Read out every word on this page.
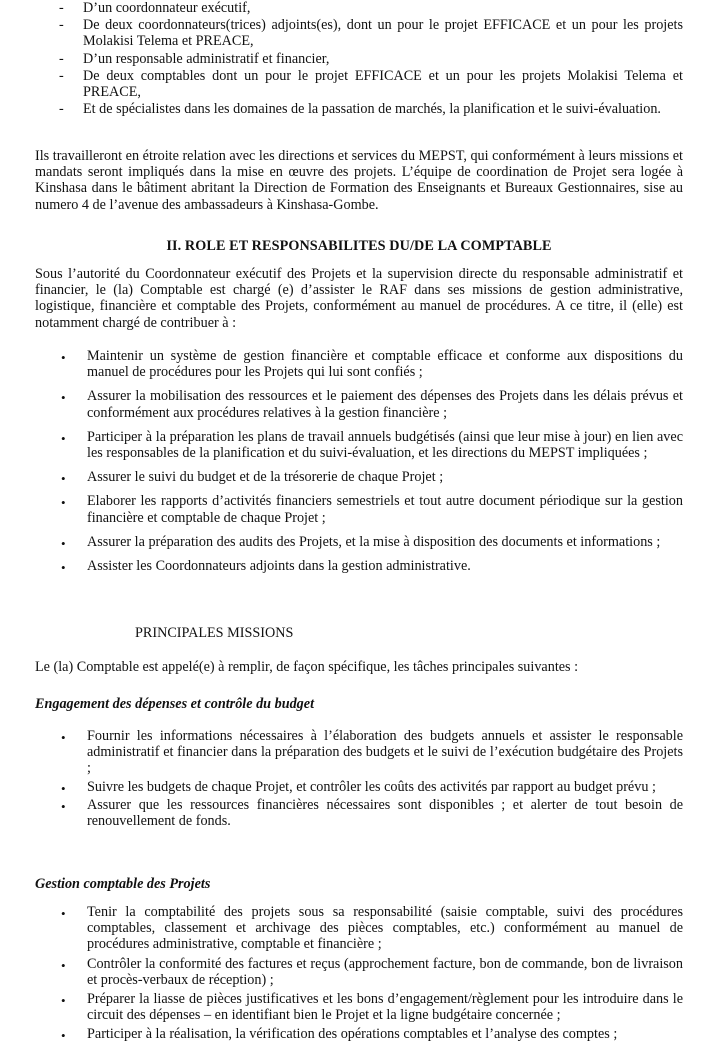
- D’un coordonnateur exécutif,
- De deux coordonnateurs(trices) adjoints(es), dont un pour le projet EFFICACE et un pour les projets Molakisi Telema et PREACE,
- D’un responsable administratif et financier,
- De deux comptables dont un pour le projet EFFICACE et un pour les projets Molakisi Telema et PREACE,
- Et de spécialistes dans les domaines de la passation de marchés, la planification et le suivi-évaluation.

Ils travailleront en étroite relation avec les directions et services du MEPST, qui conformément à leurs missions et mandats seront impliqués dans la mise en œuvre des projets. L’équipe de coordination de Projet sera logée à Kinshasa dans le bâtiment abritant la Direction de Formation des Enseignants et Bureaux Gestionnaires, sise au numero 4 de l’avenue des ambassadeurs à Kinshasa-Gombe.

II. ROLE ET RESPONSABILITES DU/DE LA COMPTABLE

Sous l’autorité du Coordonnateur exécutif des Projets et la supervision directe du responsable administratif et financier, le (la) Comptable est chargé (e) d’assister le RAF dans ses missions de gestion administrative, logistique, financière et comptable des Projets, conformément au manuel de procédures. A ce titre, il (elle) est notamment chargé de contribuer à :

• Maintenir un système de gestion financière et comptable efficace et conforme aux dispositions du manuel de procédures pour les Projets qui lui sont confiés ;
• Assurer la mobilisation des ressources et le paiement des dépenses des Projets dans les délais prévus et conformément aux procédures relatives à la gestion financière ;
• Participer à la préparation les plans de travail annuels budgétisés (ainsi que leur mise à jour) en lien avec les responsables de la planification et du suivi-évaluation, et les directions du MEPST impliquées ;
• Assurer le suivi du budget et de la trésorerie de chaque Projet ;
• Elaborer les rapports d’activités financiers semestriels et tout autre document périodique sur la gestion financière et comptable de chaque Projet ;
• Assurer la préparation des audits des Projets, et la mise à disposition des documents et informations ;
• Assister les Coordonnateurs adjoints dans la gestion administrative.

PRINCIPALES MISSIONS

Le (la) Comptable est appelé(e) à remplir, de façon spécifique, les tâches principales suivantes :

Engagement des dépenses et contrôle du budget

• Fournir les informations nécessaires à l’élaboration des budgets annuels et assister le responsable administratif et financier dans la préparation des budgets et le suivi de l’exécution budgétaire des Projets ;
• Suivre les budgets de chaque Projet, et contrôler les coûts des activités par rapport au budget prévu ;
• Assurer que les ressources financières nécessaires sont disponibles ; et alerter de tout besoin de renouvellement de fonds.

Gestion comptable des Projets

• Tenir la comptabilité des projets sous sa responsabilité (saisie comptable, suivi des procédures comptables, classement et archivage des pièces comptables, etc.) conformément au manuel de procédures administrative, comptable et financière ;
• Contrôler la conformité des factures et reçus (approchement facture, bon de commande, bon de livraison et procès-verbaux de réception) ;
• Préparer la liasse de pièces justificatives et les bons d’engagement/règlement pour les introduire dans le circuit des dépenses – en identifiant bien le Projet et la ligne budgétaire concernée ;
• Participer à la réalisation, la vérification des opérations comptables et l’analyse des comptes ;
